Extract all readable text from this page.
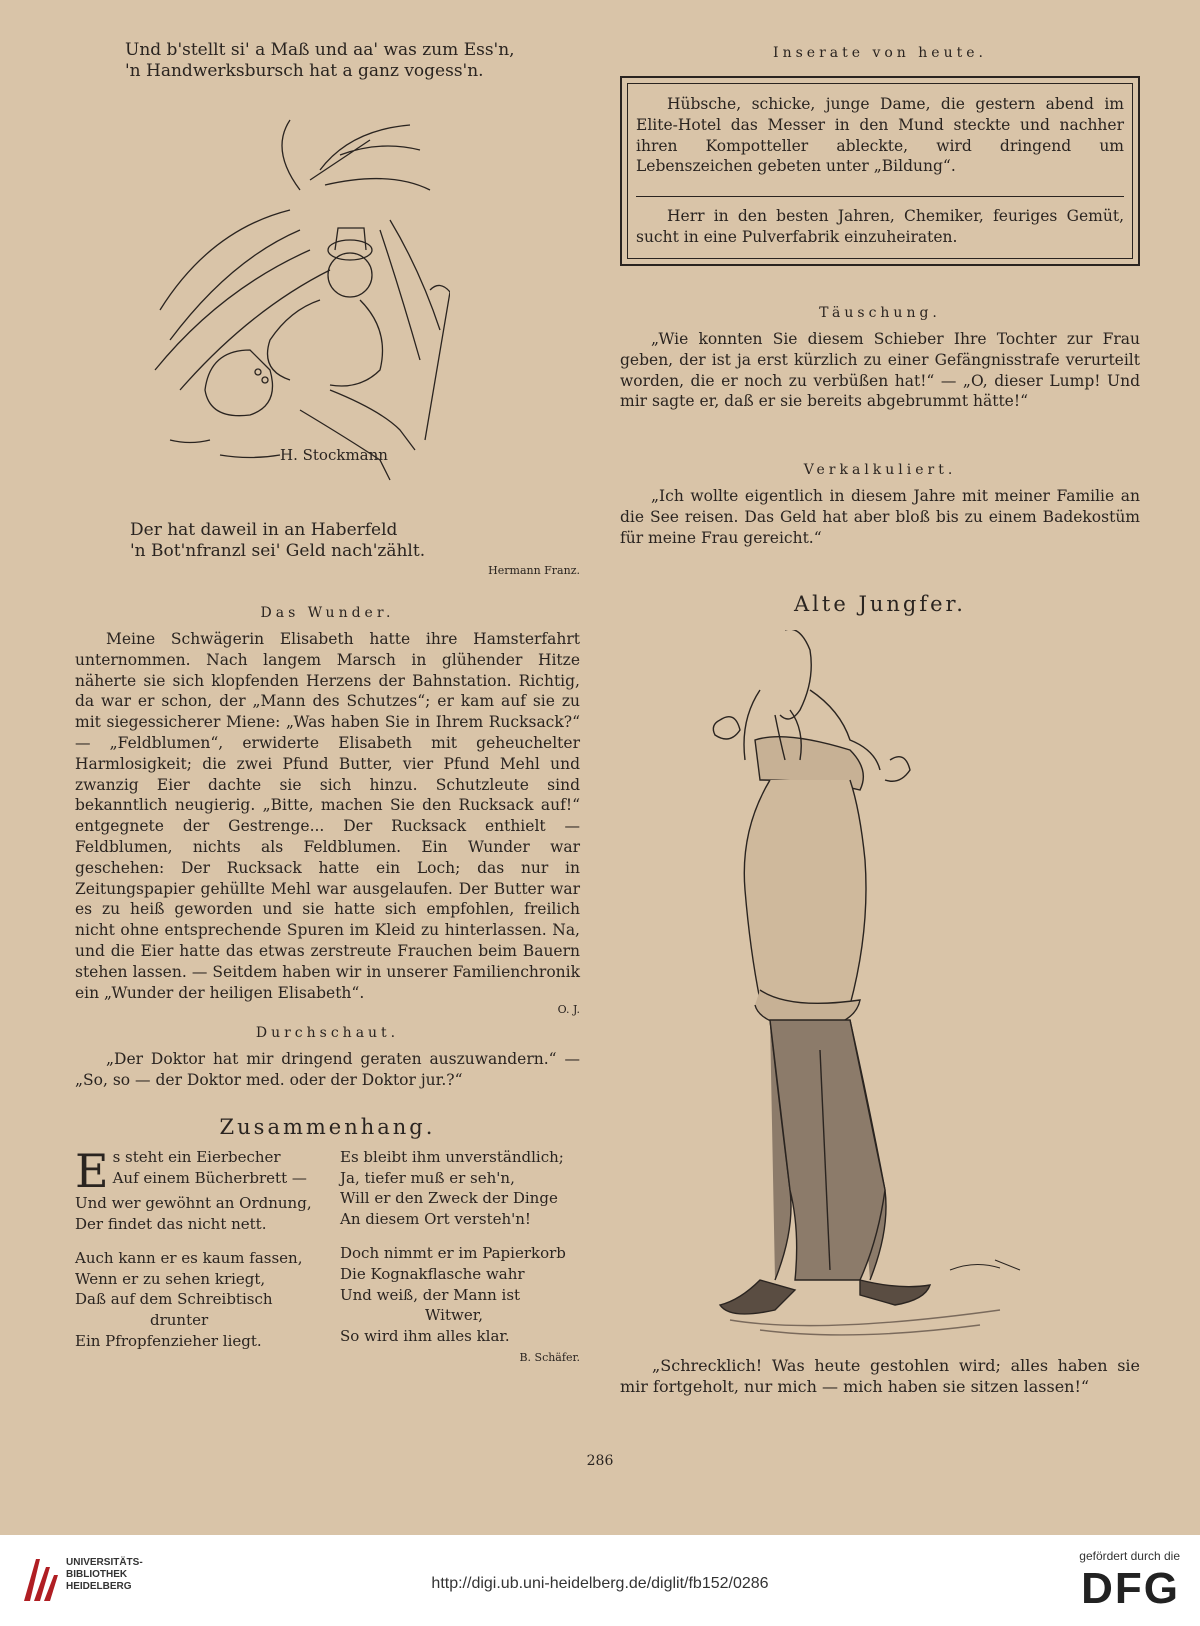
Und b'stellt si' a Maß und aa' was zum Ess'n,
'n Handwerksbursch hat a ganz vogess'n.
H. Stockmann
Der hat daweil in an Haberfeld
'n Bot'nfranzl sei' Geld nach'zählt.
Hermann Franz.
Das Wunder.
Meine Schwägerin Elisabeth hatte ihre Hamsterfahrt unternommen. Nach langem Marsch in glühender Hitze näherte sie sich klopfenden Herzens der Bahnstation. Richtig, da war er schon, der „Mann des Schutzes“; er kam auf sie zu mit siegessicherer Miene: „Was haben Sie in Ihrem Rucksack?“ — „Feldblumen“, erwiderte Elisabeth mit geheuchelter Harmlosigkeit; die zwei Pfund Butter, vier Pfund Mehl und zwanzig Eier dachte sie sich hinzu. Schutzleute sind bekanntlich neugierig. „Bitte, machen Sie den Rucksack auf!“ entgegnete der Gestrenge... Der Rucksack enthielt — Feldblumen, nichts als Feldblumen. Ein Wunder war geschehen: Der Rucksack hatte ein Loch; das nur in Zeitungspapier gehüllte Mehl war ausgelaufen. Der Butter war es zu heiß geworden und sie hatte sich empfohlen, freilich nicht ohne entsprechende Spuren im Kleid zu hinterlassen. Na, und die Eier hatte das etwas zerstreute Frauchen beim Bauern stehen lassen. — Seitdem haben wir in unserer Familienchronik ein „Wunder der heiligen Elisabeth“.
O. J.
Durchschaut.
„Der Doktor hat mir dringend geraten auszuwandern.“ — „So, so — der Doktor med. oder der Doktor jur.?“
Zusammenhang.
E s steht ein Eierbecher
Auf einem Bücherbrett —
Und wer gewöhnt an Ordnung,
Der findet das nicht nett.
Auch kann er es kaum fassen,
Wenn er zu sehen kriegt,
Daß auf dem Schreibtisch
drunter
Ein Pfropfenzieher liegt.
Es bleibt ihm unverständlich;
Ja, tiefer muß er seh'n,
Will er den Zweck der Dinge
An diesem Ort versteh'n!
Doch nimmt er im Papierkorb
Die Kognakflasche wahr
Und weiß, der Mann ist
Witwer,
So wird ihm alles klar.
B. Schäfer.
Inserate von heute.
Hübsche, schicke, junge Dame, die gestern abend im Elite-Hotel das Messer in den Mund steckte und nachher ihren Kompotteller ableckte, wird dringend um Lebenszeichen gebeten unter „Bildung“.
Herr in den besten Jahren, Chemiker, feuriges Gemüt, sucht in eine Pulverfabrik einzuheiraten.
Täuschung.
„Wie konnten Sie diesem Schieber Ihre Tochter zur Frau geben, der ist ja erst kürzlich zu einer Gefängnisstrafe verurteilt worden, die er noch zu verbüßen hat!“ — „O, dieser Lump! Und mir sagte er, daß er sie bereits abgebrummt hätte!“
Verkalkuliert.
„Ich wollte eigentlich in diesem Jahre mit meiner Familie an die See reisen. Das Geld hat aber bloß bis zu einem Badekostüm für meine Frau gereicht.“
Alte Jungfer.
„Schrecklich! Was heute gestohlen wird; alles haben sie mir fortgeholt, nur mich — mich haben sie sitzen lassen!“
286
UNIVERSITÄTS-
BIBLIOTHEK
HEIDELBERG	http://digi.ub.uni-heidelberg.de/diglit/fb152/0286
gefördert durch die
DFG
